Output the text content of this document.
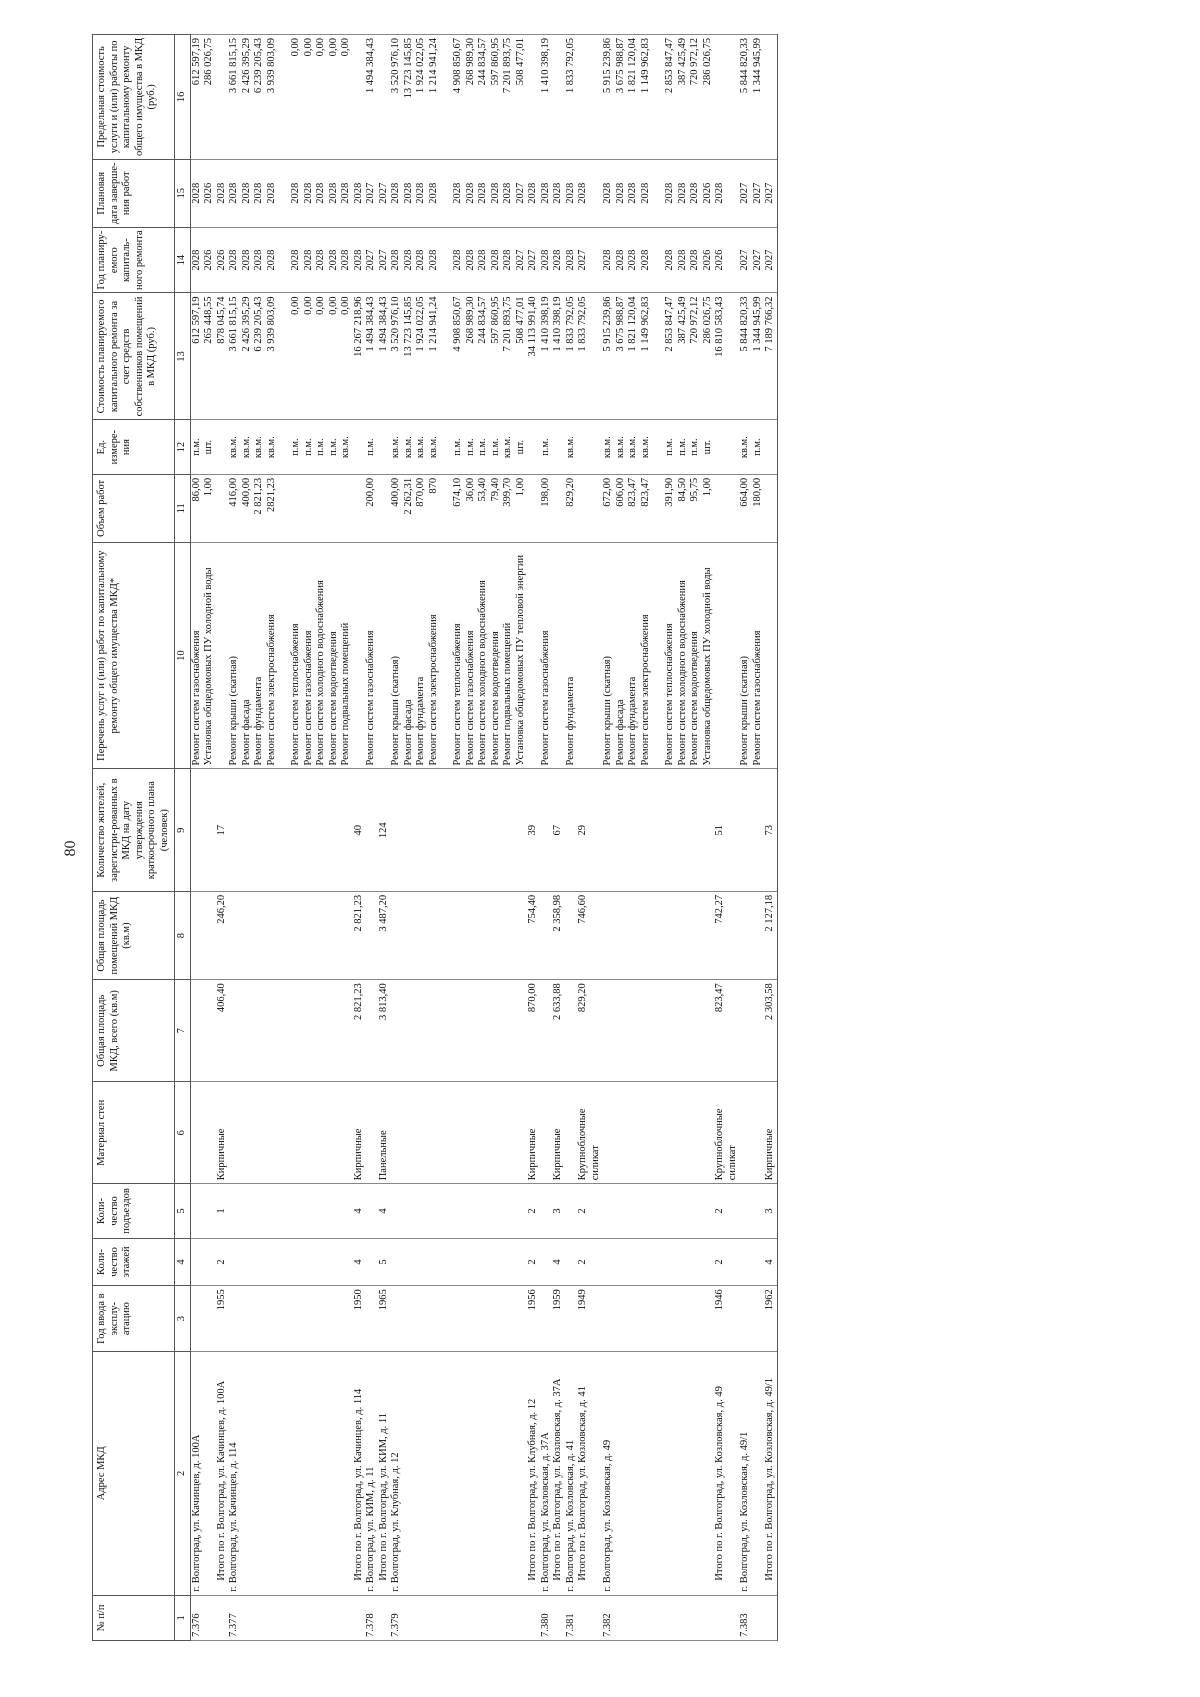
80
№ п/п	Адрес МКД	Год ввода в эксплу-атацию	Коли-чество этажей	Коли-чество подъездов	Материал стен	Общая площадь МКД, всего (кв.м)	Общая площадь помещений МКД (кв.м)	Количество жителей, зарегистри-рованных в МКД на дату утверждения краткосрочного плана (человек)	Перечень услуг и (или) работ по капитальному ремонту общего имущества МКД*	Объем работ	Ед. измере-ния	Стоимость планируемого капитального ремонта за счет средств собственников помещений в МКД (руб.)	Год планиру-емого капиталь-ного ремонта	Плановая дата заверше-ния работ	Предельная стоимость услуги и (или) работы по капитальному ремонту общего имущества в МКД (руб.)
1	2	3	4	5	6	7	8	9	10	11	12	13	14	15	16
7.376	г. Волгоград, ул. Качинцев, д. 100А								Ремонт систем газоснабжения	86,00	п.м.	612 597,19	2028	2028	612 597,19
									Установка общедомовых ПУ холодной воды	1,00	шт.	265 448,55	2026	2026	286 026,75
	Итого по г. Волгоград, ул. Качинцев, д. 100А	1955	2	1	Кирпичные	406,40	246,20	17				878 045,74	2026	2028	
7.377	г. Волгоград, ул. Качинцев, д. 114								Ремонт крыши (скатная)	416,00	кв.м.	3 661 815,15	2028	2028	3 661 815,15
									Ремонт фасада	400,00	кв.м.	2 426 395,29	2028	2028	2 426 395,29
									Ремонт фундамента	2 821,23	кв.м.	6 239 205,43	2028	2028	6 239 205,43
									Ремонт систем электроснабжения	2821,23	кв.м.	3 939 803,09	2028	2028	3 939 803,09

									Ремонт систем теплоснабжения		п.м.	0,00	2028	2028	0,00
									Ремонт систем газоснабжения		п.м.	0,00	2028	2028	0,00
									Ремонт систем холодного водоснабжения		п.м.	0,00	2028	2028	0,00
									Ремонт систем водоотведения		п.м.	0,00	2028	2028	0,00
									Ремонт подвальных помещений		кв.м.	0,00	2028	2028	0,00
	Итого по г. Волгоград, ул. Качинцев, д. 114	1950	4	4	Кирпичные	2 821,23	2 821,23	40				16 267 218,96	2028	2028	
7.378	г. Волгоград, ул. КИМ, д. 11								Ремонт систем газоснабжения	200,00	п.м.	1 494 384,43	2027	2027	1 494 384,43
	Итого по г. Волгоград, ул. КИМ, д. 11	1965	5	4	Панельные	3 813,40	3 487,20	124				1 494 384,43	2027	2027	
7.379	г. Волгоград, ул. Клубная, д. 12								Ремонт крыши (скатная)	400,00	кв.м.	3 520 976,10	2028	2028	3 520 976,10
									Ремонт фасада	2 262,31	кв.м.	13 723 145,85	2028	2028	13 723 145,85
									Ремонт фундамента	870,00	кв.м.	1 924 022,05	2028	2028	1 924 022,05
									Ремонт систем электроснабжения	870	кв.м.	1 214 941,24	2028	2028	1 214 941,24

									Ремонт систем теплоснабжения	674,10	п.м.	4 908 850,67	2028	2028	4 908 850,67
									Ремонт систем газоснабжения	36,00	п.м.	268 989,30	2028	2028	268 989,30
									Ремонт систем холодного водоснабжения	53,40	п.м.	244 834,57	2028	2028	244 834,57
									Ремонт систем водоотведения	79,40	п.м.	597 860,95	2028	2028	597 860,95
									Ремонт подвальных помещений	399,70	кв.м.	7 201 893,75	2028	2028	7 201 893,75
									Установка общедомовых ПУ тепловой энергии	1,00	шт.	508 477,01	2027	2027	508 477,01
	Итого по г. Волгоград, ул. Клубная, д. 12	1956	2	2	Кирпичные	870,00	754,40	39				34 113 991,40	2027	2028	
7.380	г. Волгоград, ул. Козловская, д. 37А								Ремонт систем газоснабжения	198,00	п.м.	1 410 398,19	2028	2028	1 410 398,19
	Итого по г. Волгоград, ул. Козловская, д. 37А	1959	4	3	Кирпичные	2 633,88	2 358,98	67				1 410 398,19	2028	2028	
7.381	г. Волгоград, ул. Козловская, д. 41								Ремонт фундамента	829,20	кв.м.	1 833 792,05	2028	2028	1 833 792,05
	Итого по г. Волгоград, ул. Козловская, д. 41	1949	2	2	Крупноблочные силикат	829,20	746,60	29				1 833 792,05	2027	2028	
7.382	г. Волгоград, ул. Козловская, д. 49								Ремонт крыши (скатная)	672,00	кв.м.	5 915 239,86	2028	2028	5 915 239,86
									Ремонт фасада	606,00	кв.м.	3 675 988,87	2028	2028	3 675 988,87
									Ремонт фундамента	823,47	кв.м.	1 821 120,04	2028	2028	1 821 120,04
									Ремонт систем электроснабжения	823,47	кв.м.	1 149 962,83	2028	2028	1 149 962,83

									Ремонт систем теплоснабжения	391,90	п.м.	2 853 847,47	2028	2028	2 853 847,47
									Ремонт систем холодного водоснабжения	84,50	п.м.	387 425,49	2028	2028	387 425,49
									Ремонт систем водоотведения	95,75	п.м.	720 972,12	2028	2028	720 972,12
									Установка общедомовых ПУ холодной воды	1,00	шт.	286 026,75	2026	2026	286 026,75
	Итого по г. Волгоград, ул. Козловская, д. 49	1946	2	2	Крупноблочные силикат	823,47	742,27	51				16 810 583,43	2026	2028	
7.383	г. Волгоград, ул. Козловская, д. 49/1								Ремонт крыши (скатная)	664,00	кв.м.	5 844 820,33	2027	2027	5 844 820,33
									Ремонт систем газоснабжения	180,00	п.м.	1 344 945,99	2027	2027	1 344 945,99
	Итого по г. Волгоград, ул. Козловская, д. 49/1	1962	4	3	Кирпичные	2 303,58	2 127,18	73				7 189 766,32	2027	2027	
